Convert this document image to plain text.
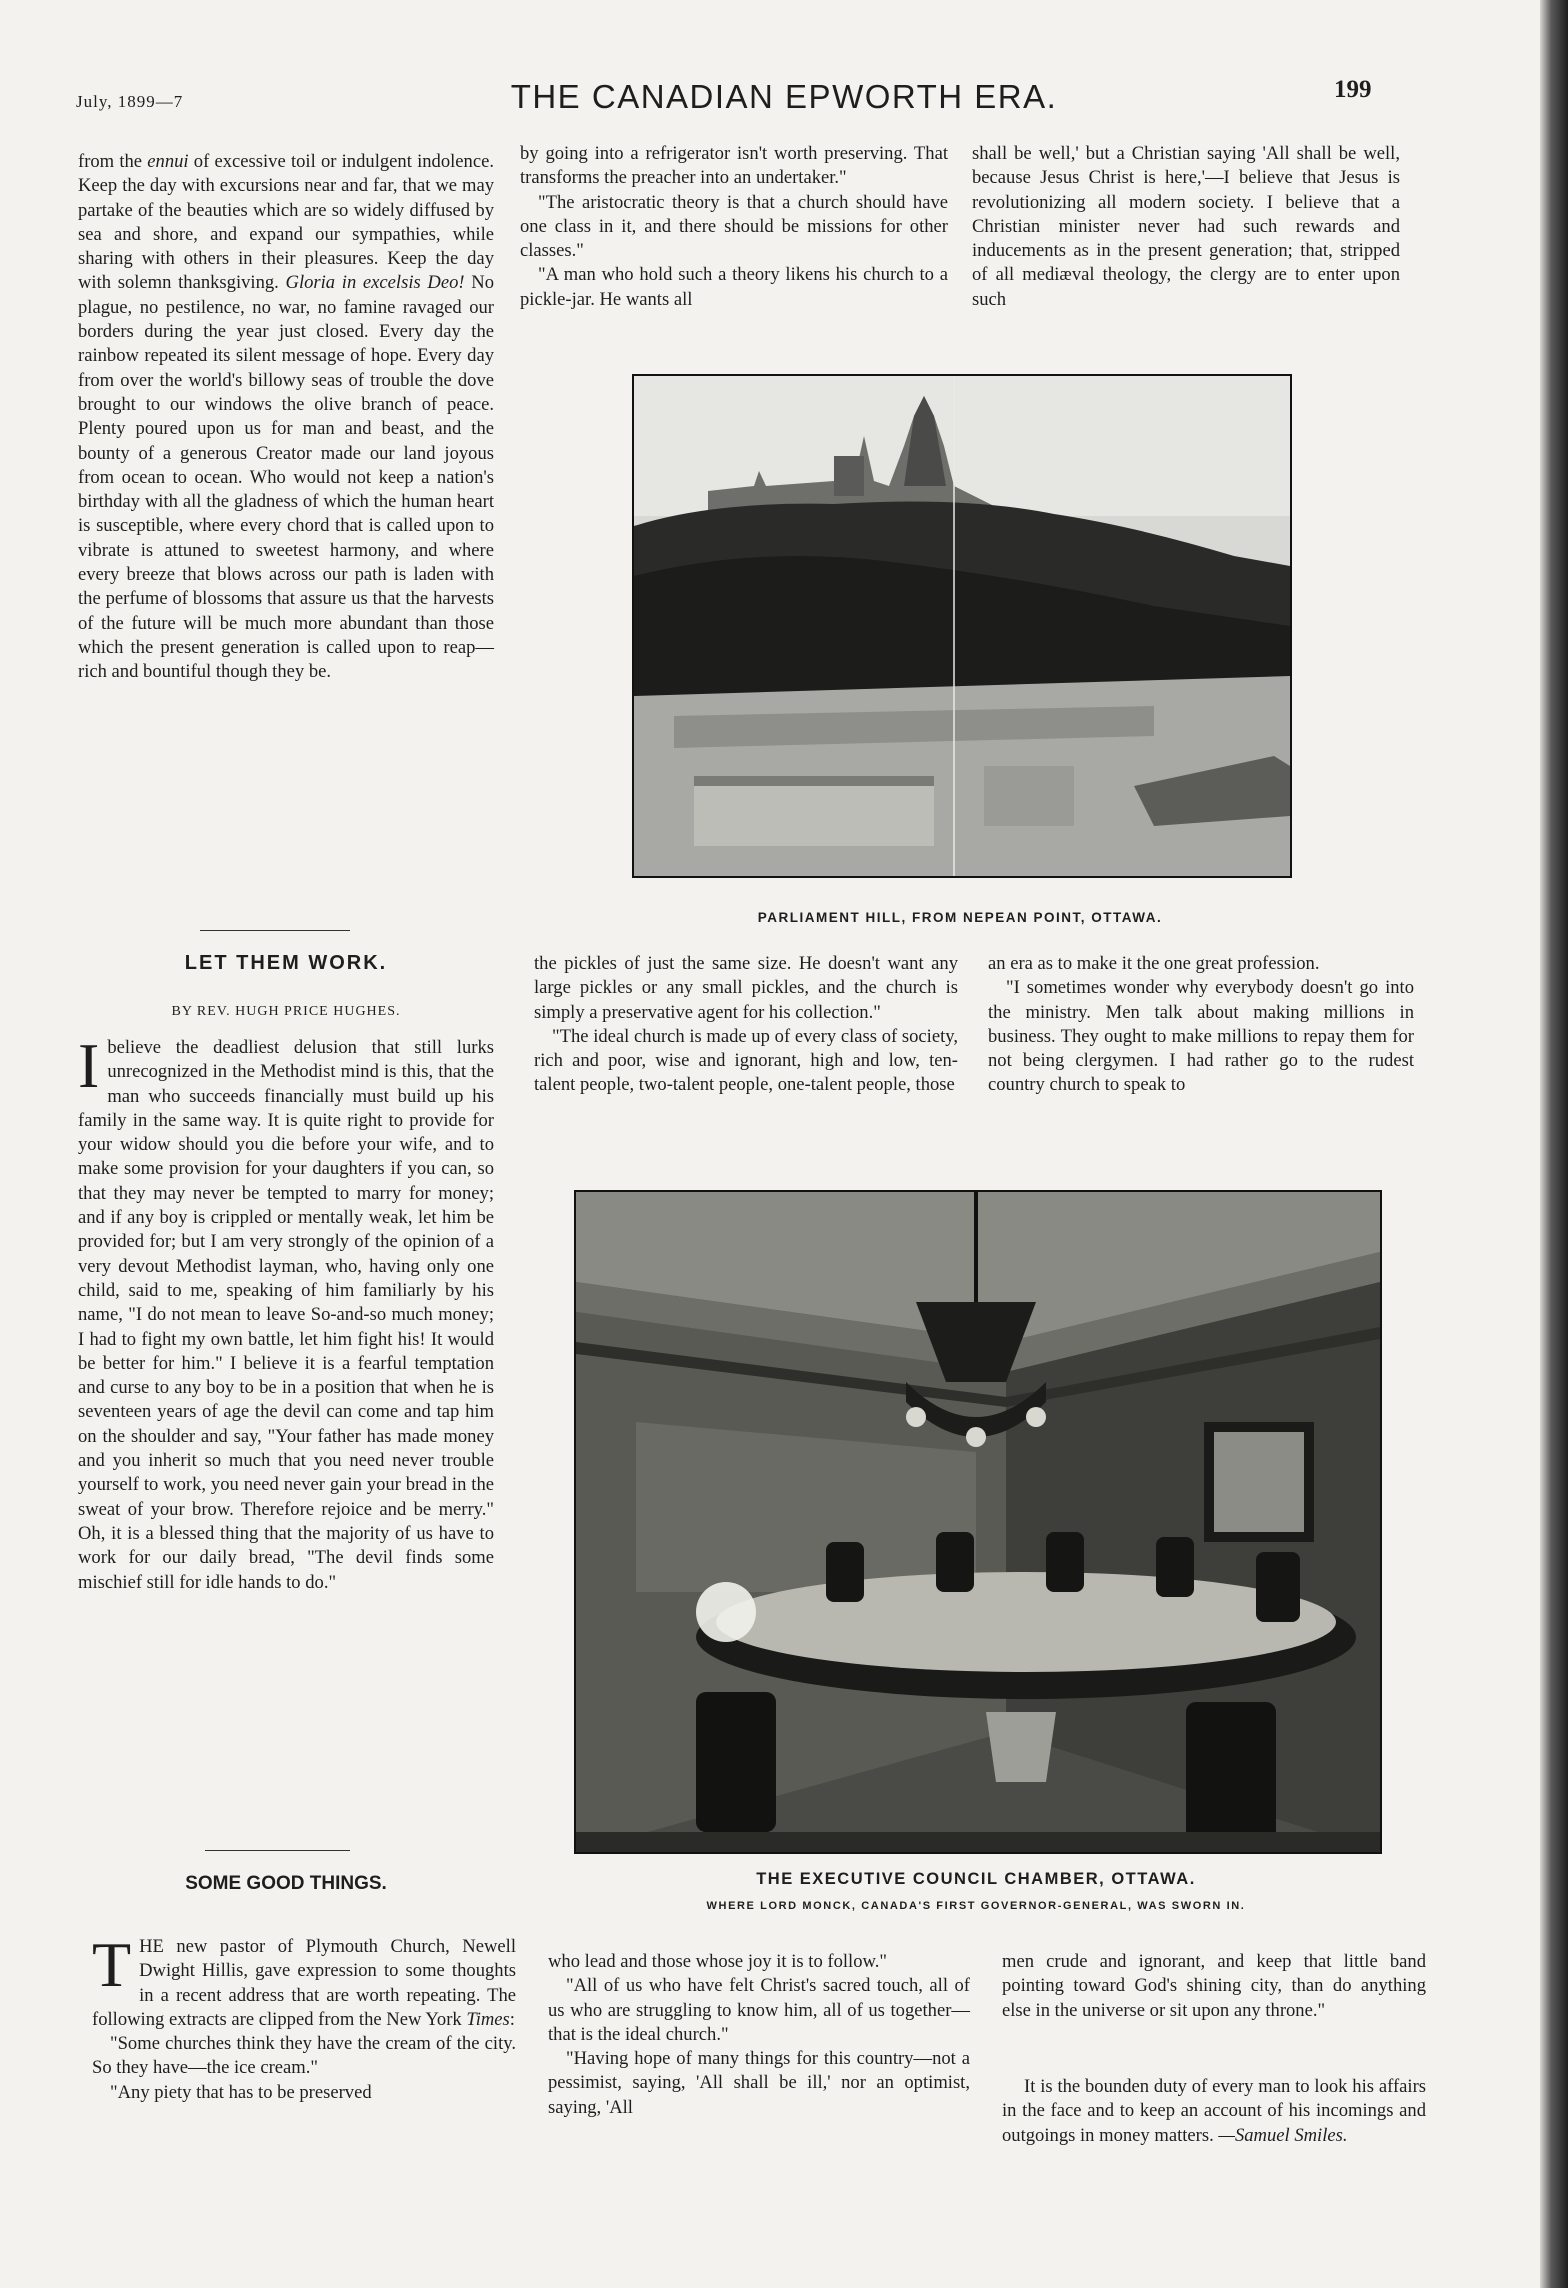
July, 1899—7	THE CANADIAN EPWORTH ERA.	199

from the ennui of excessive toil or indulgent indolence. Keep the day with excursions near and far, that we may partake of the beauties which are so widely diffused by sea and shore, and expand our sympathies, while sharing with others in their pleasures. Keep the day with solemn thanksgiving. Gloria in excelsis Deo! No plague, no pestilence, no war, no famine ravaged our borders during the year just closed. Every day the rainbow repeated its silent message of hope. Every day from over the world's billowy seas of trouble the dove brought to our windows the olive branch of peace. Plenty poured upon us for man and beast, and the bounty of a generous Creator made our land joyous from ocean to ocean. Who would not keep a nation's birthday with all the gladness of which the human heart is susceptible, where every chord that is called upon to vibrate is attuned to sweetest harmony, and where every breeze that blows across our path is laden with the perfume of blossoms that assure us that the harvests of the future will be much more abundant than those which the present generation is called upon to reap—rich and bountiful though they be.

by going into a refrigerator isn't worth preserving. That transforms the preacher into an undertaker."

"The aristocratic theory is that a church should have one class in it, and there should be missions for other classes."

"A man who hold such a theory likens his church to a pickle-jar. He wants all

shall be well,' but a Christian saying 'All shall be well, because Jesus Christ is here,'—I believe that Jesus is revolutionizing all modern society. I believe that a Christian minister never had such rewards and inducements as in the present generation; that, stripped of all mediæval theology, the clergy are to enter upon such

PARLIAMENT HILL, FROM NEPEAN POINT, OTTAWA.
LET THEM WORK.
BY REV. HUGH PRICE HUGHES.

Ibelieve the deadliest delusion that still lurks unrecognized in the Methodist mind is this, that the man who succeeds financially must build up his family in the same way. It is quite right to provide for your widow should you die before your wife, and to make some provision for your daughters if you can, so that they may never be tempted to marry for money; and if any boy is crippled or mentally weak, let him be provided for; but I am very strongly of the opinion of a very devout Methodist layman, who, having only one child, said to me, speaking of him familiarly by his name, "I do not mean to leave So-and-so much money; I had to fight my own battle, let him fight his! It would be better for him." I believe it is a fearful temptation and curse to any boy to be in a position that when he is seventeen years of age the devil can come and tap him on the shoulder and say, "Your father has made money and you inherit so much that you need never trouble yourself to work, you need never gain your bread in the sweat of your brow. Therefore rejoice and be merry." Oh, it is a blessed thing that the majority of us have to work for our daily bread, "The devil finds some mischief still for idle hands to do."

the pickles of just the same size. He doesn't want any large pickles or any small pickles, and the church is simply a preservative agent for his collection."

"The ideal church is made up of every class of society, rich and poor, wise and ignorant, high and low, ten-talent people, two-talent people, one-talent people, those

an era as to make it the one great profession.

"I sometimes wonder why everybody doesn't go into the ministry. Men talk about making millions in business. They ought to make millions to repay them for not being clergymen. I had rather go to the rudest country church to speak to

THE EXECUTIVE COUNCIL CHAMBER, OTTAWA.
WHERE LORD MONCK, CANADA'S FIRST GOVERNOR-GENERAL, WAS SWORN IN.
SOME GOOD THINGS.

THE new pastor of Plymouth Church, Newell Dwight Hillis, gave expression to some thoughts in a recent address that are worth repeating. The following extracts are clipped from the New York Times:

"Some churches think they have the cream of the city. So they have—the ice cream."

"Any piety that has to be preserved

who lead and those whose joy it is to follow."

"All of us who have felt Christ's sacred touch, all of us who are struggling to know him, all of us together—that is the ideal church."

"Having hope of many things for this country—not a pessimist, saying, 'All shall be ill,' nor an optimist, saying, 'All

men crude and ignorant, and keep that little band pointing toward God's shining city, than do anything else in the universe or sit upon any throne."

It is the bounden duty of every man to look his affairs in the face and to keep an account of his incomings and outgoings in money matters. —Samuel Smiles.
